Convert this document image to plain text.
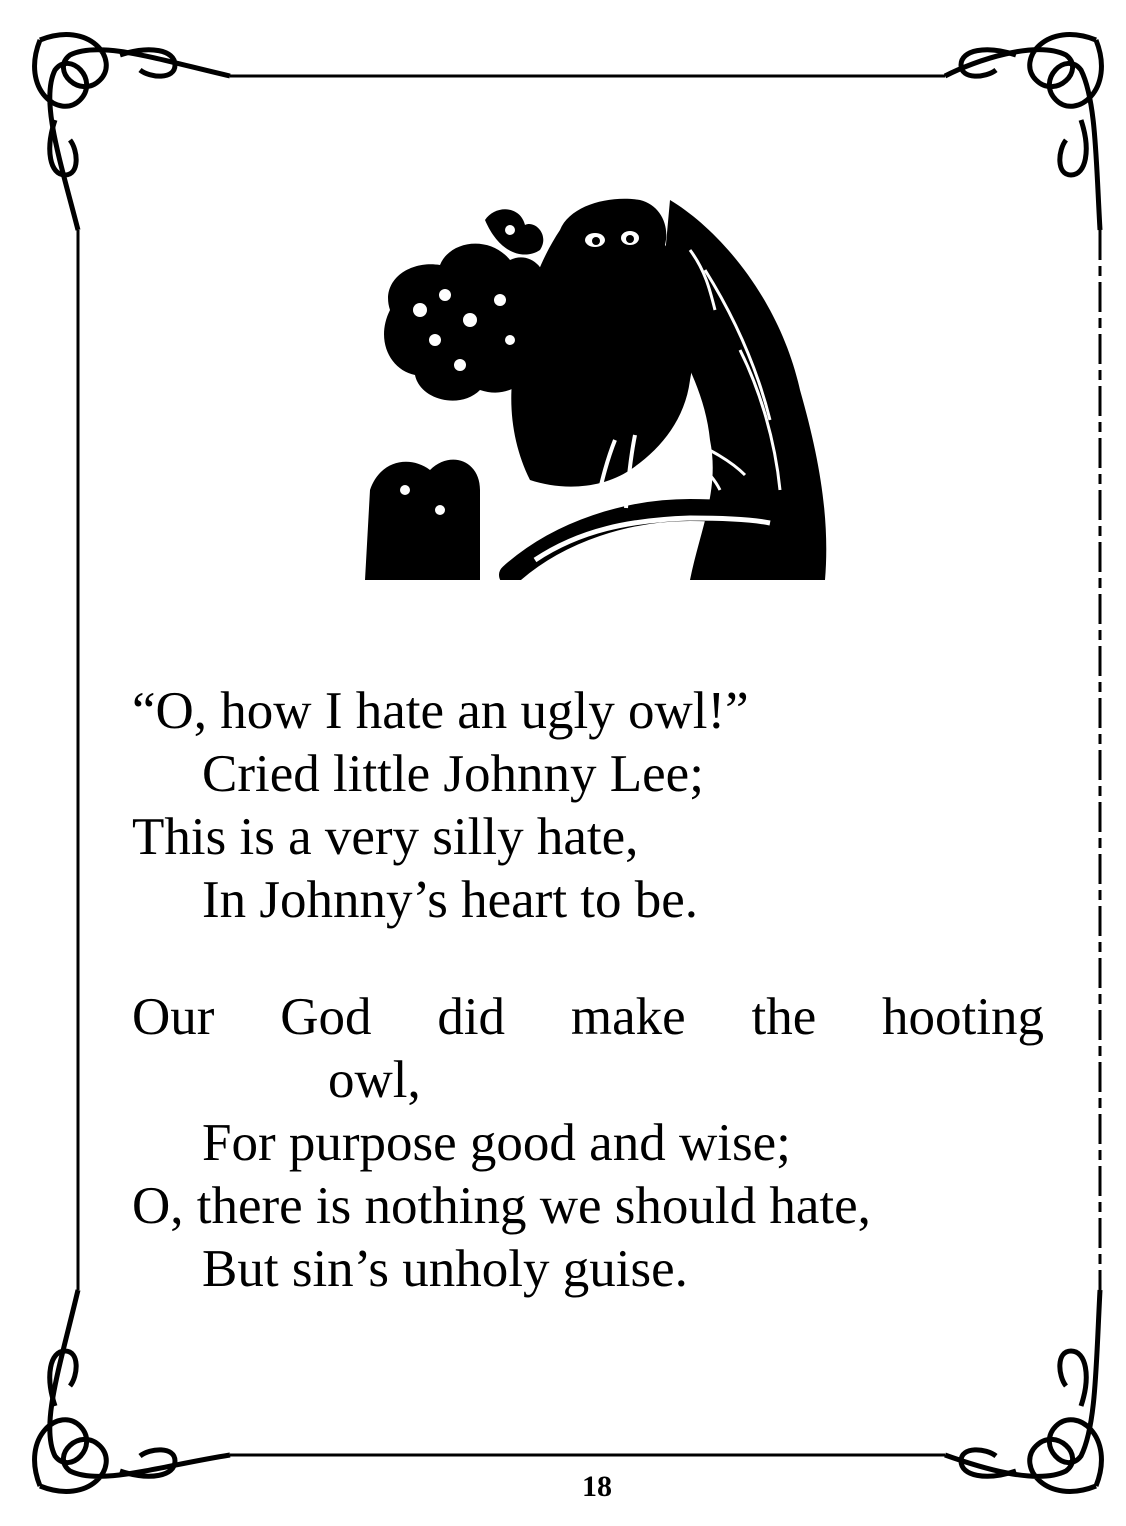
“O, how I hate an ugly owl!”
Cried little Johnny Lee;
This is a very silly hate,
In Johnny’s heart to be.
Our God did make the hooting
owl,
For purpose good and wise;
O, there is nothing we should hate,
But sin’s unholy guise.
18
